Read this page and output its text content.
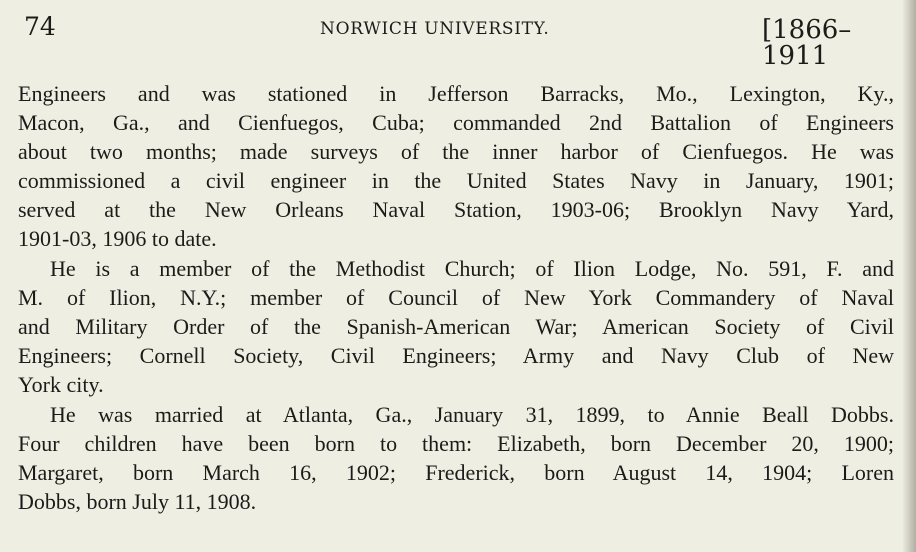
74	NORWICH UNIVERSITY.	[1866–1911

Engineers and was stationed in Jefferson Barracks, Mo., Lexington, Ky.,
Macon, Ga., and Cienfuegos, Cuba; commanded 2nd Battalion of Engineers
about two months; made surveys of the inner harbor of Cienfuegos. He was
commissioned a civil engineer in the United States Navy in January, 1901;
served at the New Orleans Naval Station, 1903-06; Brooklyn Navy Yard,
1901-03, 1906 to date.

He is a member of the Methodist Church; of Ilion Lodge, No. 591, F. and
M. of Ilion, N.Y.; member of Council of New York Commandery of Naval
and Military Order of the Spanish-American War; American Society of Civil
Engineers; Cornell Society, Civil Engineers; Army and Navy Club of New
York city.

He was married at Atlanta, Ga., January 31, 1899, to Annie Beall Dobbs.
Four children have been born to them: Elizabeth, born December 20, 1900;
Margaret, born March 16, 1902; Frederick, born August 14, 1904; Loren
Dobbs, born July 11, 1908.
